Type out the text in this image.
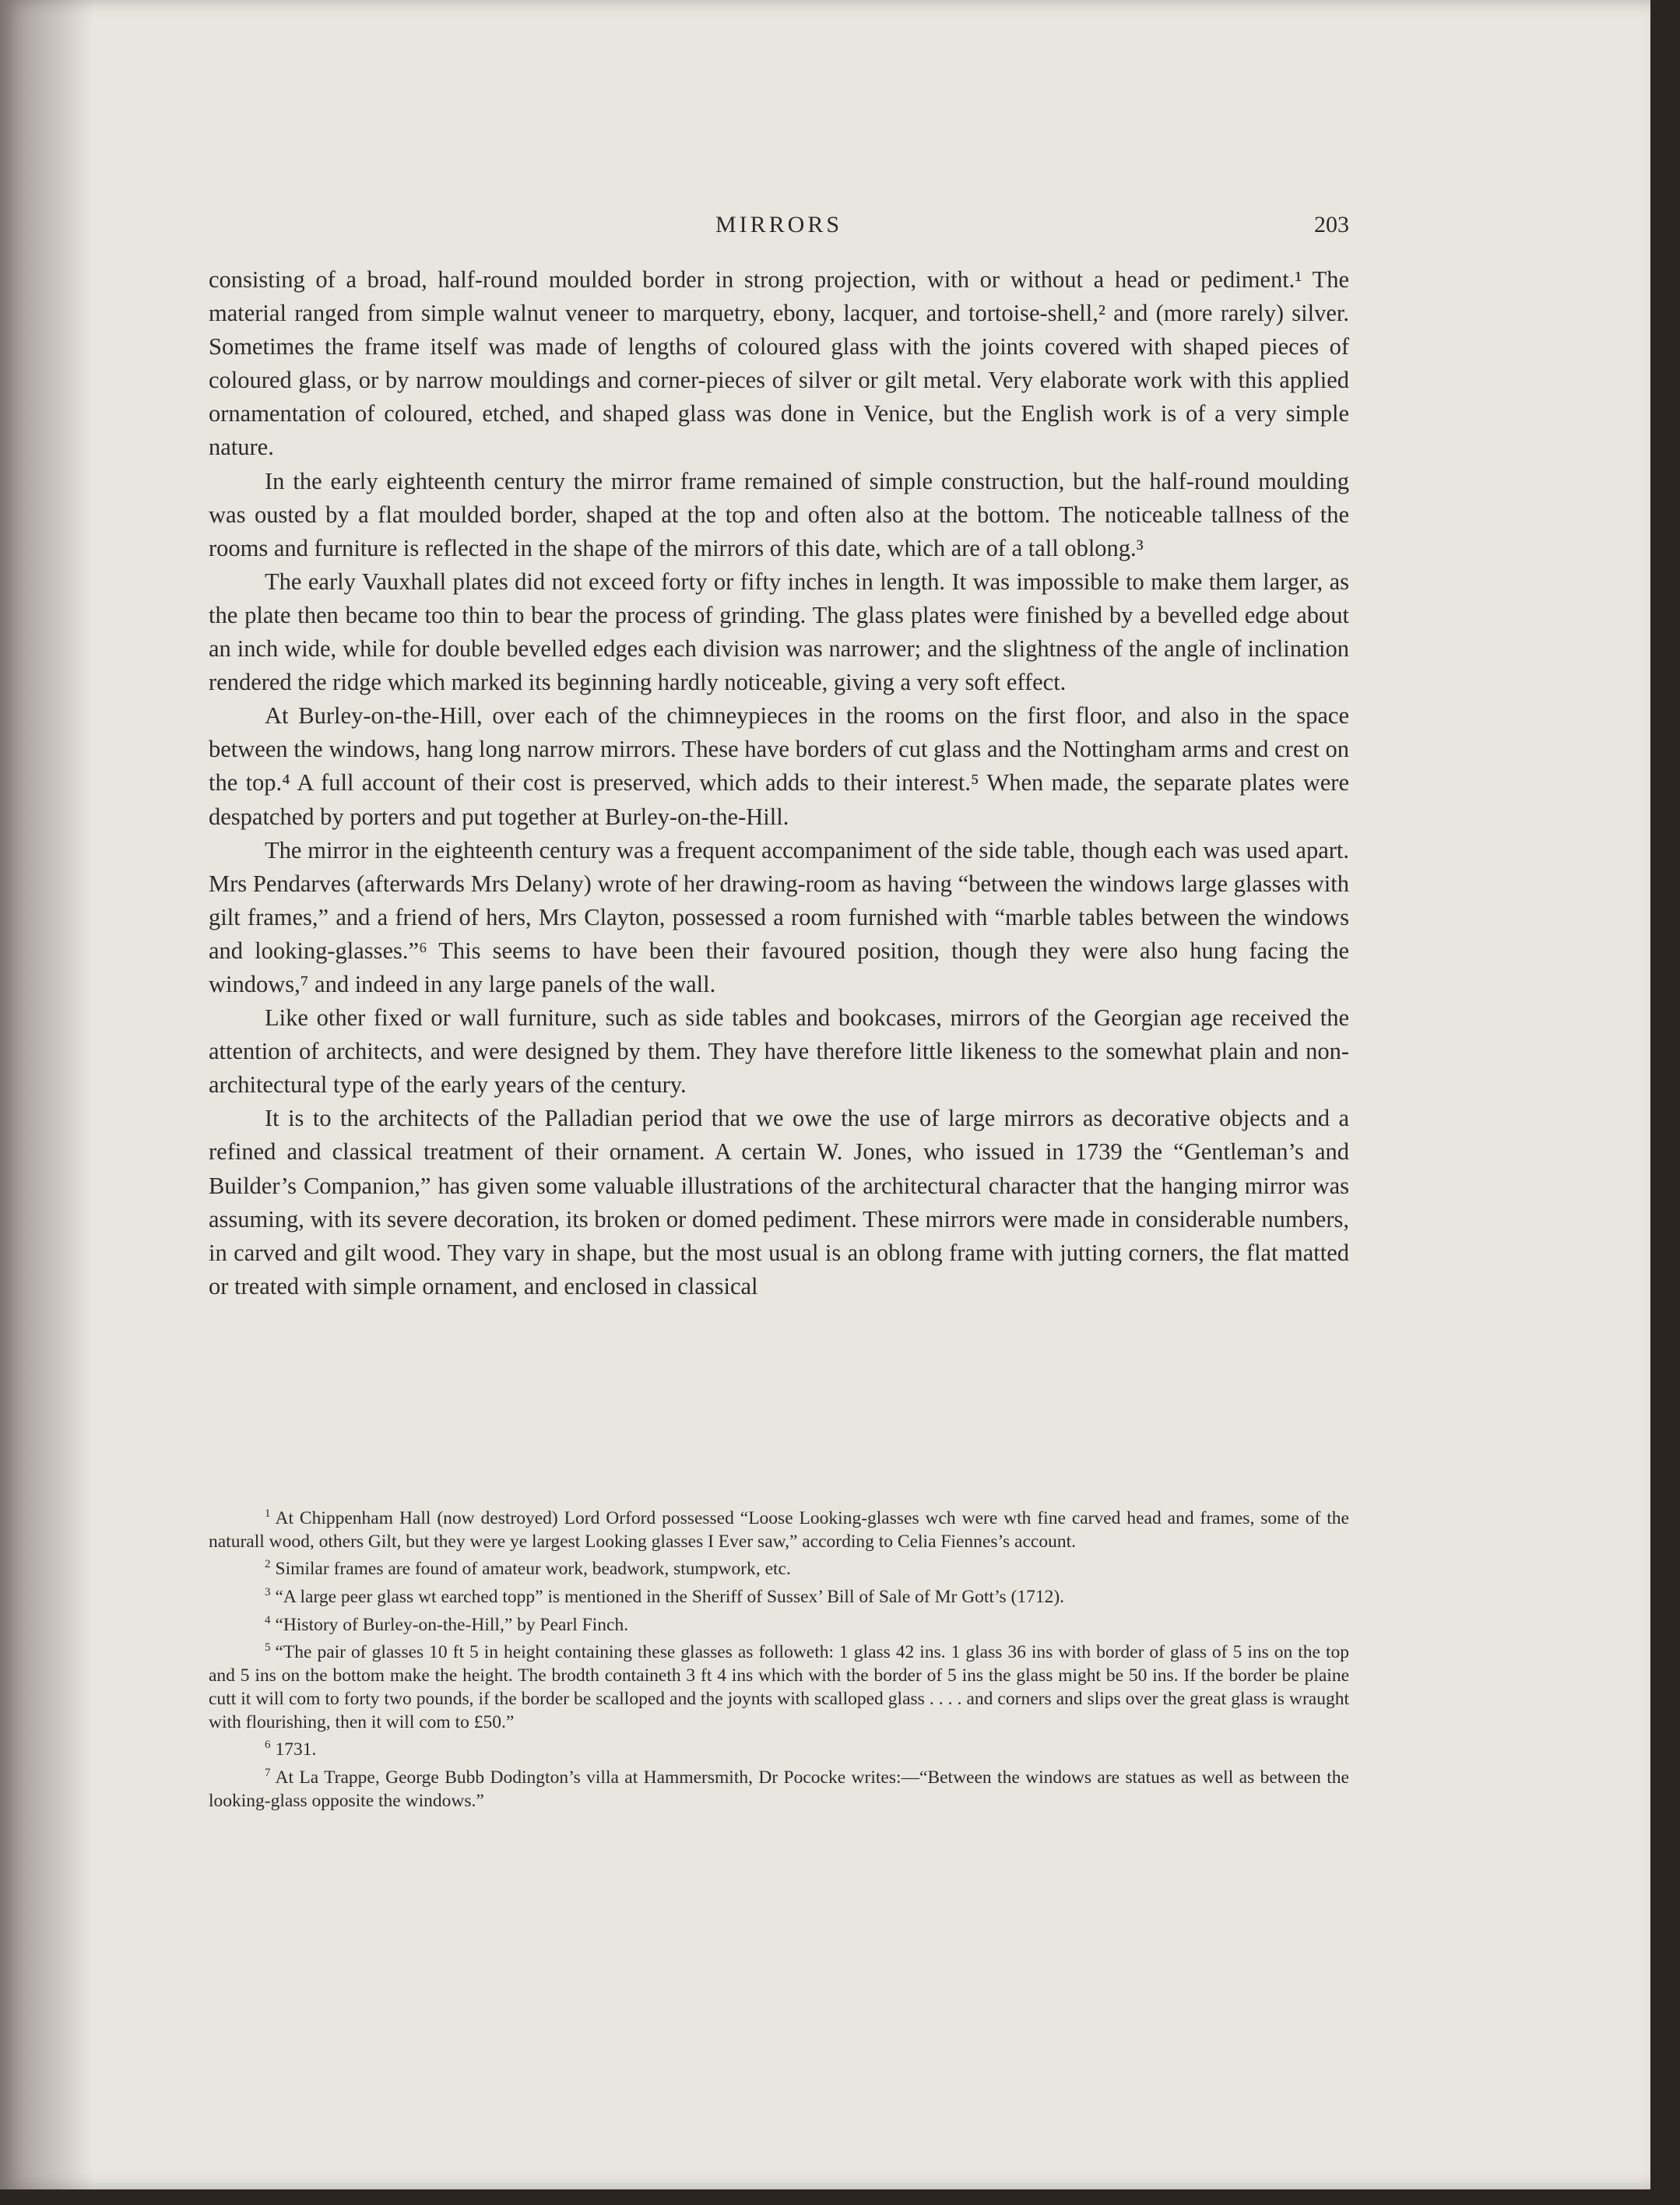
MIRRORS	203

consisting of a broad, half-round moulded border in strong projection, with or without a head or pediment.¹ The material ranged from simple walnut veneer to marquetry, ebony, lacquer, and tortoise-shell,² and (more rarely) silver. Sometimes the frame itself was made of lengths of coloured glass with the joints covered with shaped pieces of coloured glass, or by narrow mouldings and corner-pieces of silver or gilt metal. Very elaborate work with this applied ornamentation of coloured, etched, and shaped glass was done in Venice, but the English work is of a very simple nature.

In the early eighteenth century the mirror frame remained of simple construction, but the half-round moulding was ousted by a flat moulded border, shaped at the top and often also at the bottom. The noticeable tallness of the rooms and furniture is reflected in the shape of the mirrors of this date, which are of a tall oblong.³

The early Vauxhall plates did not exceed forty or fifty inches in length. It was impossible to make them larger, as the plate then became too thin to bear the process of grinding. The glass plates were finished by a bevelled edge about an inch wide, while for double bevelled edges each division was narrower; and the slightness of the angle of inclination rendered the ridge which marked its beginning hardly noticeable, giving a very soft effect.

At Burley-on-the-Hill, over each of the chimneypieces in the rooms on the first floor, and also in the space between the windows, hang long narrow mirrors. These have borders of cut glass and the Nottingham arms and crest on the top.⁴ A full account of their cost is preserved, which adds to their interest.⁵ When made, the separate plates were despatched by porters and put together at Burley-on-the-Hill.

The mirror in the eighteenth century was a frequent accompaniment of the side table, though each was used apart. Mrs Pendarves (afterwards Mrs Delany) wrote of her drawing-room as having “between the windows large glasses with gilt frames,” and a friend of hers, Mrs Clayton, possessed a room furnished with “marble tables between the windows and looking-glasses.”⁶ This seems to have been their favoured position, though they were also hung facing the windows,⁷ and indeed in any large panels of the wall.

Like other fixed or wall furniture, such as side tables and bookcases, mirrors of the Georgian age received the attention of architects, and were designed by them. They have therefore little likeness to the somewhat plain and non-architectural type of the early years of the century.

It is to the architects of the Palladian period that we owe the use of large mirrors as decorative objects and a refined and classical treatment of their ornament. A certain W. Jones, who issued in 1739 the “Gentleman’s and Builder’s Companion,” has given some valuable illustrations of the architectural character that the hanging mirror was assuming, with its severe decoration, its broken or domed pediment. These mirrors were made in considerable numbers, in carved and gilt wood. They vary in shape, but the most usual is an oblong frame with jutting corners, the flat matted or treated with simple ornament, and enclosed in classical

$^1$ At Chippenham Hall (now destroyed) Lord Orford possessed “Loose Looking-glasses wch were wth fine carved head and frames, some of the naturall wood, others Gilt, but they were ye largest Looking glasses I Ever saw,” according to Celia Fiennes’s account.

$^2$ Similar frames are found of amateur work, beadwork, stumpwork, etc.

$^3$ “A large peer glass wt earched topp” is mentioned in the Sheriff of Sussex’ Bill of Sale of Mr Gott’s (1712).

$^4$ “History of Burley-on-the-Hill,” by Pearl Finch.

$^5$ “The pair of glasses 10 ft 5 in height containing these glasses as followeth: 1 glass 42 ins. 1 glass 36 ins with border of glass of 5 ins on the top and 5 ins on the bottom make the height. The brodth containeth 3 ft 4 ins which with the border of 5 ins the glass might be 50 ins. If the border be plaine cutt it will com to forty two pounds, if the border be scalloped and the joynts with scalloped glass . . . . and corners and slips over the great glass is wraught with flourishing, then it will com to £50.”

$^6$ 1731.

$^7$ At La Trappe, George Bubb Dodington’s villa at Hammersmith, Dr Pococke writes:—“Between the windows are statues as well as between the looking-glass opposite the windows.”
